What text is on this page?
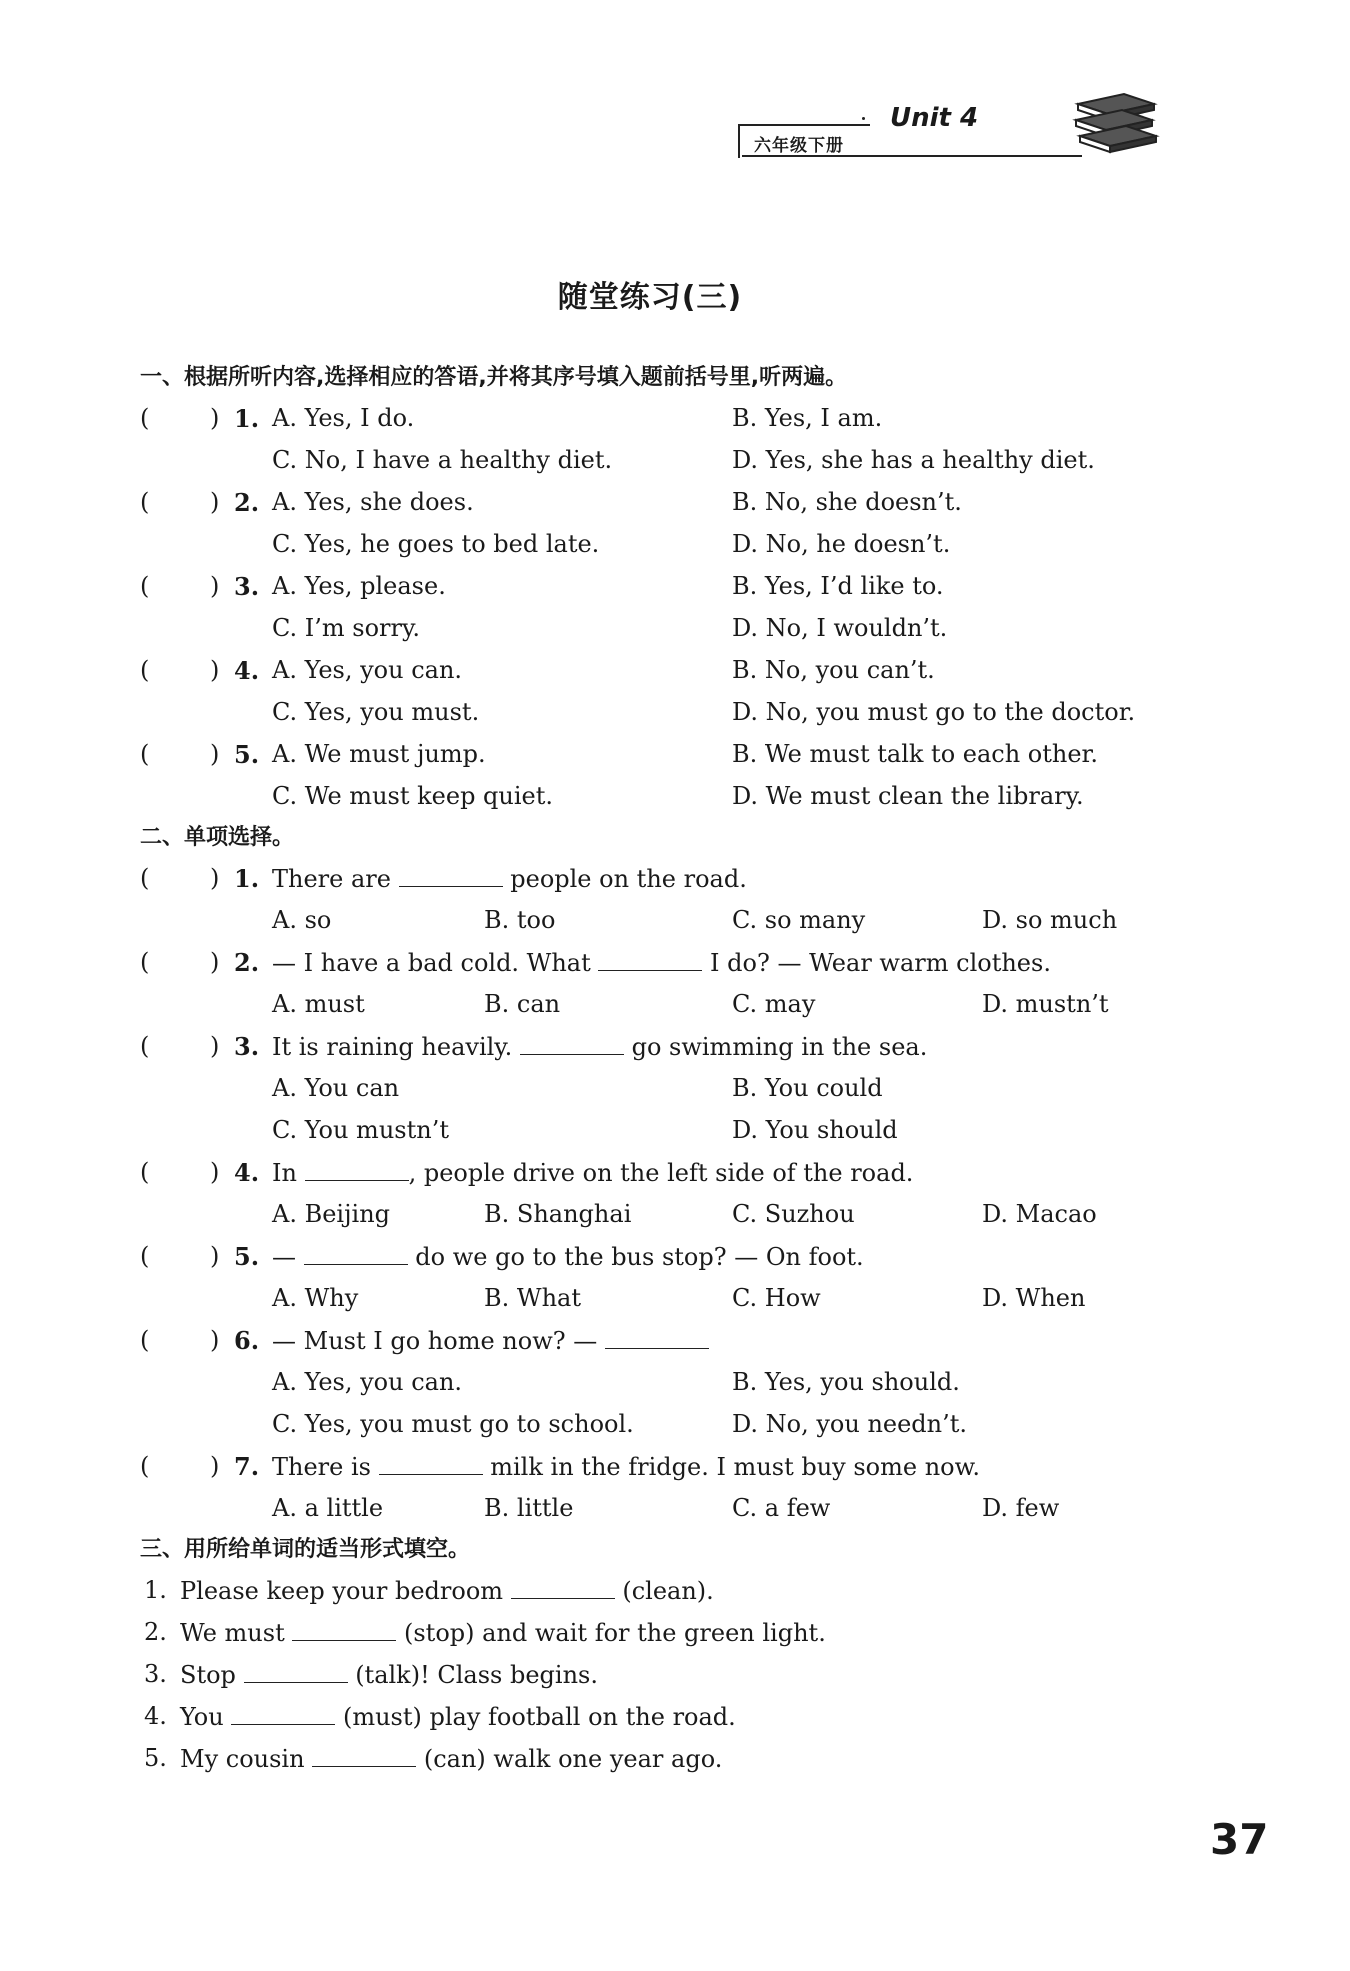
六年级下册
Unit 4
随堂练习(三)
一、根据所听内容,选择相应的答语,并将其序号填入题前括号里,听两遍。
(	) 1. A. Yes, I do.	B. Yes, I am.
C. No, I have a healthy diet.	D. Yes, she has a healthy diet.
(	) 2. A. Yes, she does.	B. No, she doesn’t.
C. Yes, he goes to bed late.	D. No, he doesn’t.
(	) 3. A. Yes, please.	B. Yes, I’d like to.
C. I’m sorry.	D. No, I wouldn’t.
(	) 4. A. Yes, you can.	B. No, you can’t.
C. Yes, you must.	D. No, you must go to the doctor.
(	) 5. A. We must jump.	B. We must talk to each other.
C. We must keep quiet.	D. We must clean the library.
二、单项选择。
(	) 1. There are	people on the road.
A. so	B. too	C. so many	D. so much
(	) 2. — I have a bad cold. What	I do? — Wear warm clothes.
A. must	B. can	C. may	D. mustn’t
(	) 3. It is raining heavily.	go swimming in the sea.
A. You can	B. You could
C. You mustn’t	D. You should
(	) 4. In	, people drive on the left side of the road.
A. Beijing	B. Shanghai	C. Suzhou	D. Macao
(	) 5. —	do we go to the bus stop? — On foot.
A. Why	B. What	C. How	D. When
(	) 6. — Must I go home now? —
A. Yes, you can.	B. Yes, you should.
C. Yes, you must go to school.	D. No, you needn’t.
(	) 7. There is	milk in the fridge. I must buy some now.
A. a little	B. little	C. a few	D. few
三、用所给单词的适当形式填空。
1. Please keep your bedroom	(clean).
2. We must	(stop) and wait for the green light.
3. Stop	(talk)! Class begins.
4. You	(must) play football on the road.
5. My cousin	(can) walk one year ago.
37
